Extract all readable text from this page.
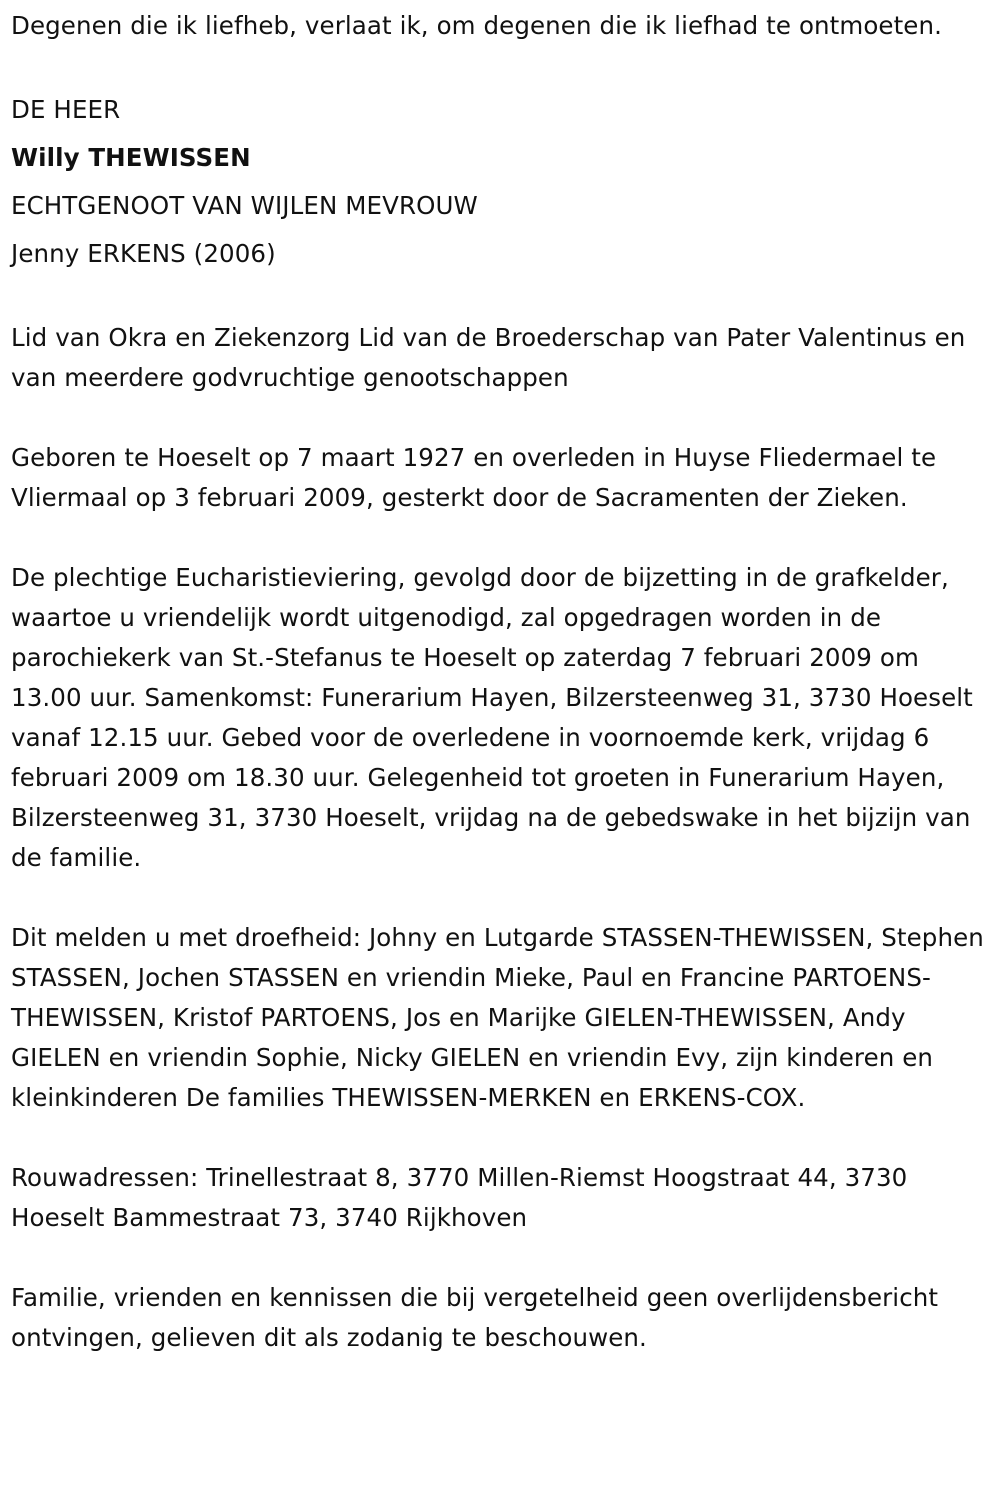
Degenen die ik liefheb, verlaat ik, om degenen die ik liefhad te ontmoeten.

DE HEER

Willy THEWISSEN

ECHTGENOOT VAN WIJLEN MEVROUW

Jenny ERKENS (2006)

Lid van Okra en Ziekenzorg Lid van de Broederschap van Pater Valentinus en van meerdere godvruchtige genootschappen

Geboren te Hoeselt op 7 maart 1927 en overleden in Huyse Fliedermael te Vliermaal op 3 februari 2009, gesterkt door de Sacramenten der Zieken.

De plechtige Eucharistieviering, gevolgd door de bijzetting in de grafkelder, waartoe u vriendelijk wordt uitgenodigd, zal opgedragen worden in de parochiekerk van St.-Stefanus te Hoeselt op zaterdag 7 februari 2009 om 13.00 uur. Samenkomst: Funerarium Hayen, Bilzersteenweg 31, 3730 Hoeselt vanaf 12.15 uur. Gebed voor de overledene in voornoemde kerk, vrijdag 6 februari 2009 om 18.30 uur. Gelegenheid tot groeten in Funerarium Hayen, Bilzersteenweg 31, 3730 Hoeselt, vrijdag na de gebedswake in het bijzijn van de familie.

Dit melden u met droefheid: Johny en Lutgarde STASSEN-THEWISSEN, Stephen STASSEN, Jochen STASSEN en vriendin Mieke, Paul en Francine PARTOENS-THEWISSEN, Kristof PARTOENS, Jos en Marijke GIELEN-THEWISSEN, Andy GIELEN en vriendin Sophie, Nicky GIELEN en vriendin Evy, zijn kinderen en kleinkinderen De families THEWISSEN-MERKEN en ERKENS-COX.

Rouwadressen: Trinellestraat 8, 3770 Millen-Riemst Hoogstraat 44, 3730 Hoeselt Bammestraat 73, 3740 Rijkhoven

Familie, vrienden en kennissen die bij vergetelheid geen overlijdensbericht ontvingen, gelieven dit als zodanig te beschouwen.
